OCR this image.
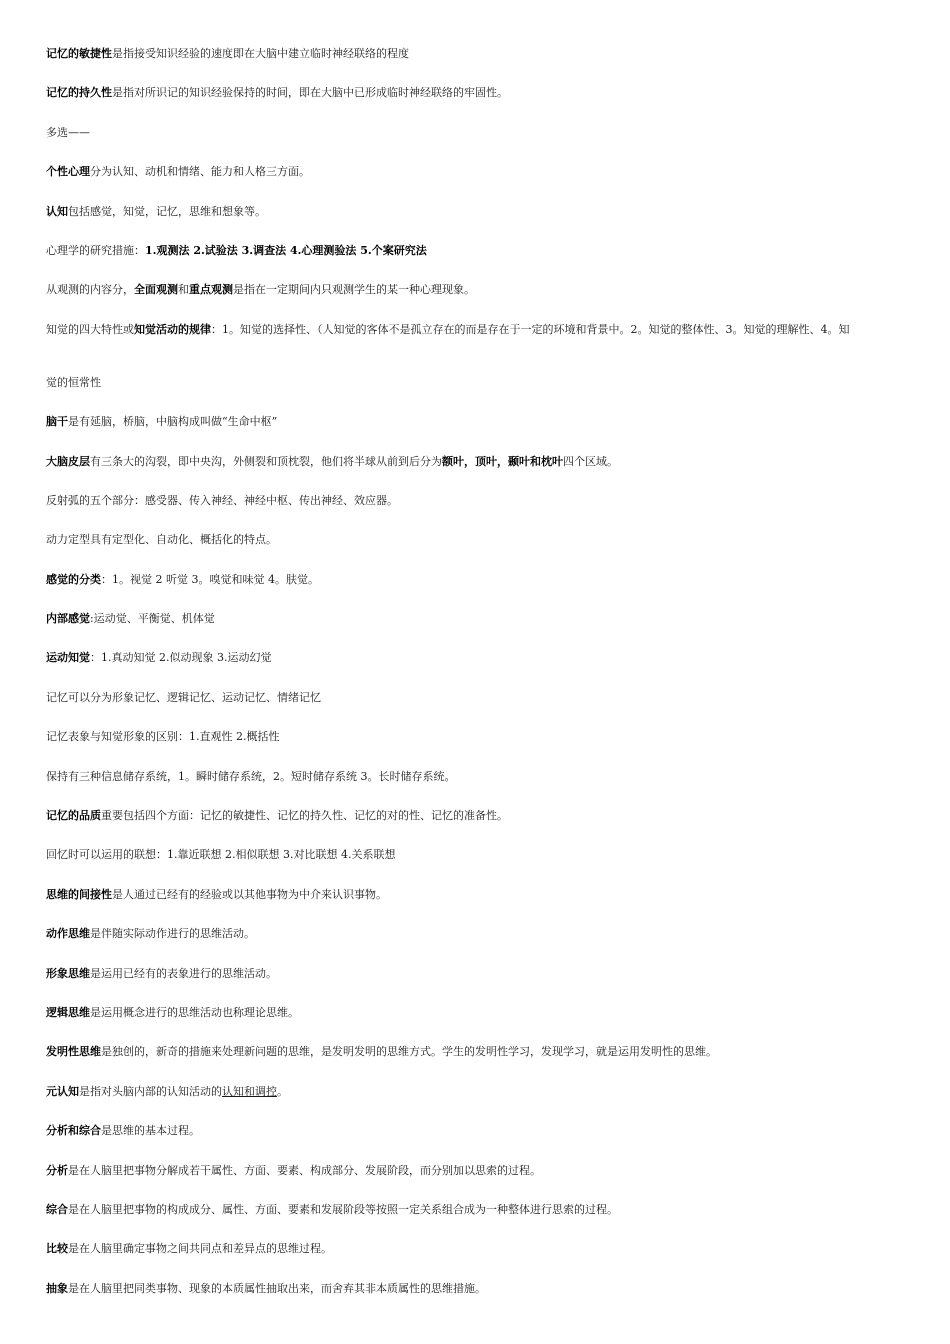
记忆的敏捷性是指接受知识经验的速度即在大脑中建立临时神经联络的程度
记忆的持久性是指对所识记的知识经验保持的时间，即在大脑中已形成临时神经联络的牢固性。
多选——
个性心理分为认知、动机和情绪、能力和人格三方面。
认知包括感觉，知觉，记忆，思维和想象等。
心理学的研究措施：1.观测法 2.试验法 3.调查法 4.心理测验法 5.个案研究法
从观测的内容分，全面观测和重点观测是指在一定期间内只观测学生的某一种心理现象。
知觉的四大特性或知觉活动的规律：1。知觉的选择性、（人知觉的客体不是孤立存在的而是存在于一定的环境和背景中。2。知觉的整体性、3。知觉的理解性、4。知
觉的恒常性
脑干是有延脑，桥脑，中脑构成叫做“生命中枢”
大脑皮层有三条大的沟裂，即中央沟，外侧裂和顶枕裂，他们将半球从前到后分为额叶，顶叶，颞叶和枕叶四个区域。
反射弧的五个部分：感受器、传入神经、神经中枢、传出神经、效应器。
动力定型具有定型化、自动化、概括化的特点。
感觉的分类：1。视觉 2 听觉 3。嗅觉和味觉 4。肤觉。
内部感觉:运动觉、平衡觉、机体觉
运动知觉：1.真动知觉 2.似动现象 3.运动幻觉
记忆可以分为形象记忆、逻辑记忆、运动记忆、情绪记忆
记忆表象与知觉形象的区别：1.直观性 2.概括性
保持有三种信息储存系统，1。瞬时储存系统，2。短时储存系统 3。长时储存系统。
记忆的品质重要包括四个方面：记忆的敏捷性、记忆的持久性、记忆的对的性、记忆的准备性。
回忆时可以运用的联想：1.靠近联想 2.相似联想 3.对比联想 4.关系联想
思维的间接性是人通过已经有的经验或以其他事物为中介来认识事物。
动作思维是伴随实际动作进行的思维活动。
形象思维是运用已经有的表象进行的思维活动。
逻辑思维是运用概念进行的思维活动也称理论思维。
发明性思维是独创的，新奇的措施来处理新问题的思维，是发明发明的思维方式。学生的发明性学习，发现学习，就是运用发明性的思维。
元认知是指对头脑内部的认知活动的认知和调控。
分析和综合是思维的基本过程。
分析是在人脑里把事物分解成若干属性、方面、要素、构成部分、发展阶段，而分别加以思索的过程。
综合是在人脑里把事物的构成成分、属性、方面、要素和发展阶段等按照一定关系组合成为一种整体进行思索的过程。
比较是在人脑里确定事物之间共同点和差异点的思维过程。
抽象是在人脑里把同类事物、现象的本质属性抽取出来，而舍弃其非本质属性的思维措施。
